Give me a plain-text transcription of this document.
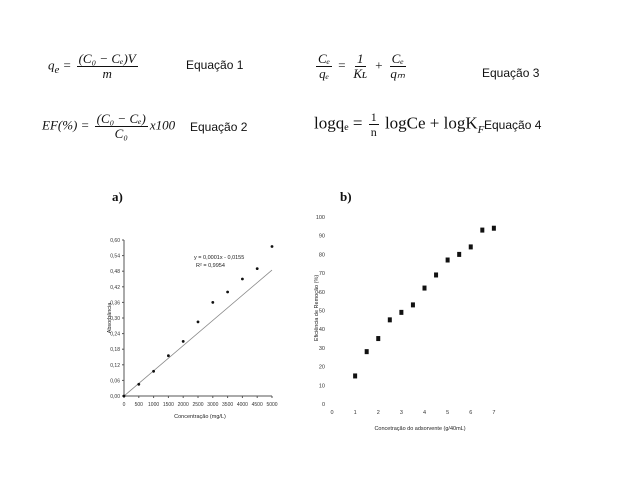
$q_e = \frac{\text{(C₀ − Cₑ)V}}{m}$	Equação 1
$EF(\%) = \frac{\text{(C₀ − Cₑ)}}{\text{C₀}} x100$ Equação 2
$\frac{\text{Cₑ}}{\text{qₑ}} = \frac{1}{\text{Kʟ}} + \frac{\text{Cₑ}}{\text{qₘ}}$	Equação 3
$\log q_e = \frac{1}{n}$ logCe + logK$_F$ Equação 4
a)	b)
0,00
0,06
0,12
0,18
0,24
0,30
0,36
0,42
0,48
0,54
0,60
0 500 1000 1500 2000 2500 3000 3500 4000 4500 5000
y = 0,0001x - 0,0155
R² = 0,9954
Concentração (mg/L)
Absorbância
0
10
20
30
40
50
60
70
80
90
100
0	1	2	3	4	5	6	7
Concetração do adsorvente (g/40mL)
Eficiência de Remoção (%)
